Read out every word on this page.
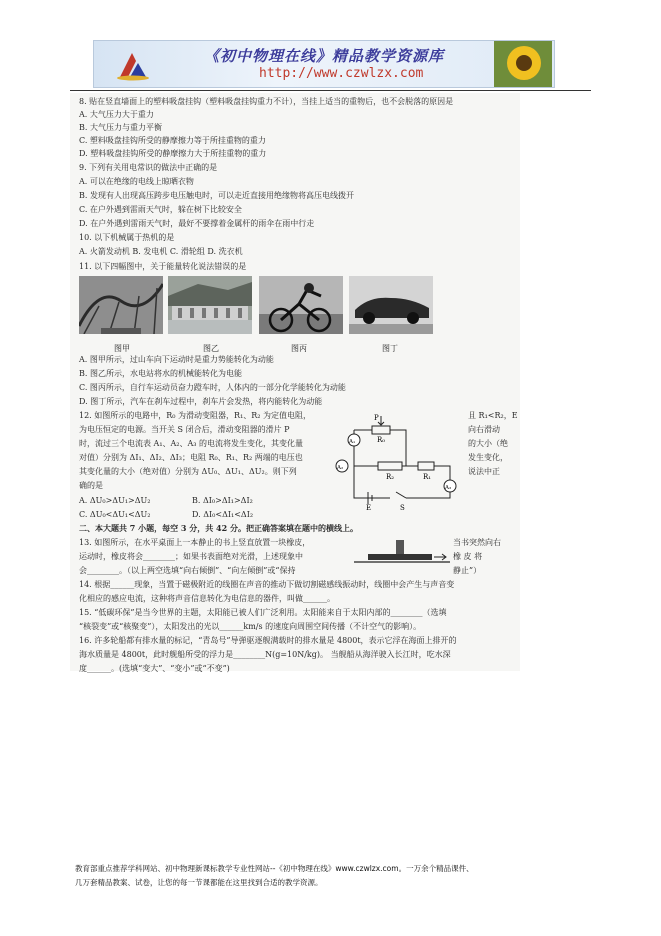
《初中物理在线》精品教学资源库
http://www.czwlzx.com
8. 贴在竖直墙面上的塑料吸盘挂钩（塑料吸盘挂钩重力不计），当挂上适当的重物后，也不会脱落的原因是
A. 大气压力大于重力
B. 大气压力与重力平衡
C. 塑料吸盘挂钩所受的静摩擦力等于所挂重物的重力
D. 塑料吸盘挂钩所受的静摩擦力大于所挂重物的重力
9. 下列有关用电常识的做法中正确的是
A. 可以在绝缘的电线上晾晒衣物
B. 发现有人出现高压跨步电压触电时，可以走近直接用绝缘物将高压电线拨开
C. 在户外遇到雷雨天气时，躲在树下比较安全
D. 在户外遇到雷雨天气时，最好不要撑着金属杆的雨伞在雨中行走
10. 以下机械属于热机的是
A. 火箭发动机 B. 发电机 C. 滑轮组 D. 洗衣机
11. 以下四幅图中，关于能量转化说法错误的是
图甲	图乙	图丙	图丁
A. 图甲所示，过山车向下运动时是重力势能转化为动能
B. 图乙所示，水电站将水的机械能转化为电能
C. 图丙所示，自行车运动员奋力蹬车时，人体内的一部分化学能转化为动能
D. 图丁所示，汽车在刹车过程中，刹车片会发热，将内能转化为动能
12. 如图所示的电路中，R₀ 为滑动变阻器，R₁、R₂ 为定值电阻，
为电压恒定的电源。当开关 S 闭合后，滑动变阻器的滑片 P
时，流过三个电流表 A₁、A₂、A₃ 的电流将发生变化，其变化量
对值）分别为 ΔI₁、ΔI₂、ΔI₃；电阻 R₀、R₁、R₂ 两端的电压也
其变化量的大小（绝对值）分别为 ΔU₀、ΔU₁、ΔU₂。则下列
确的是
且 R₁<R₂，E
向右滑动
的大小（绝
发生变化，
说法中正
A. ΔU₀>ΔU₁>ΔU₂	B. ΔI₀>ΔI₁>ΔI₂
C. ΔU₀<ΔU₁<ΔU₂	D. ΔI₀<ΔI₁<ΔI₂
P
R₀
R₂	R₁
A₁
A₂
A₃
E	S
二、本大题共 7 小题，每空 3 分，共 42 分。把正确答案填在题中的横线上。
13. 如图所示，在水平桌面上一本静止的书上竖直放置一块橡皮，
运动时，橡皮将会________；如果书表面绝对光滑，上述现象中
会________。（以上两空选填“向右倾倒”、“向左倾倒”或“保持
当书突然向右
橡 皮 将
静止”）
14. 根据______现象，当置于磁极附近的线圈在声音的推动下做切割磁感线振动时，线圈中会产生与声音变
化相应的感应电流，这种将声音信息转化为电信息的器件，叫做______。
15. “低碳环保”是当今世界的主题，太阳能已被人们广泛利用。太阳能来自于太阳内部的________（选填
“核裂变”或“核聚变”），太阳发出的光以______km/s 的速度向周围空间传播（不计空气的影响）。
16. 许多轮船都有排水量的标记，“青岛号”导弹驱逐舰满载时的排水量是 4800t，表示它浮在海面上排开的
海水质量是 4800t，此时舰船所受的浮力是________N(g=10N/kg)。 当舰船从海洋驶入长江时，吃水深
度______。(选填“变大”、“变小”或“不变”)
教育部重点推荐学科网站、初中物理新课标教学专业性网站--《初中物理在线》www.czwlzx.com。一万余个精品课件、
几万套精品教案、试卷，让您的每一节课都能在这里找到合适的教学资源。
